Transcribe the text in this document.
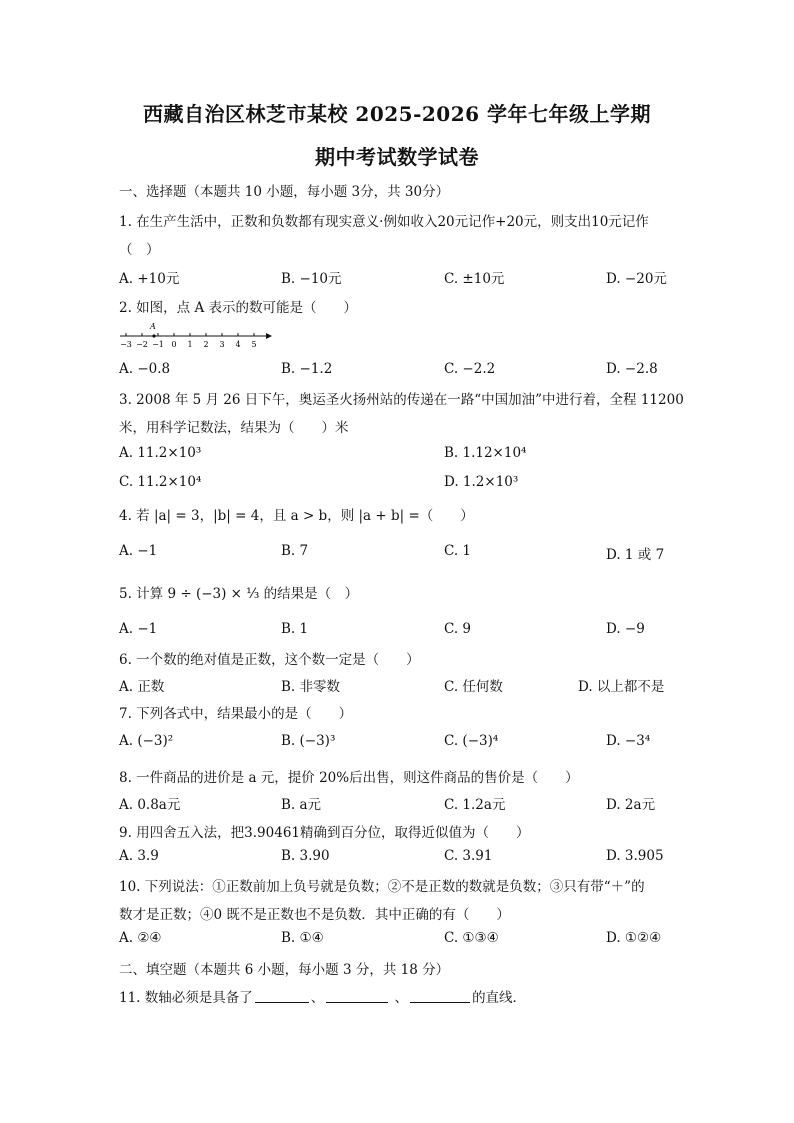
西藏自治区林芝市某校 2025-2026 学年七年级上学期
期中考试数学试卷
一、选择题（本题共 10 小题，每小题 3分，共 30分）
1. 在生产生活中，正数和负数都有现实意义·例如收入20元记作+20元，则支出10元记作
（　）
A. +10元	B. −10元	C. ±10元	D. −20元
2. 如图，点 A 表示的数可能是（　　）
−3 −2 −1 0 1 2 3 4 5
A
A. −0.8	B. −1.2	C. −2.2	D. −2.8
3. 2008 年 5 月 26 日下午，奥运圣火扬州站的传递在一路“中国加油”中进行着，全程 11200
米，用科学记数法，结果为（　　）米
A. 11.2×10³	B. 1.12×10⁴
C. 11.2×10⁴	D. 1.2×10³
4. 若 |a| = 3，|b| = 4，且 a > b，则 |a + b| =（　　）
A. −1	B. 7	C. 1	D. 1 或 7
5. 计算 9 ÷ (−3) × ⅓ 的结果是（　）
A. −1	B. 1	C. 9	D. −9
6. 一个数的绝对值是正数，这个数一定是（　　）
A. 正数	B. 非零数	C. 任何数	D. 以上都不是
7. 下列各式中，结果最小的是（　　）
A. (−3)²	B. (−3)³	C. (−3)⁴	D. −3⁴
8. 一件商品的进价是 a 元，提价 20%后出售，则这件商品的售价是（　　）
A. 0.8a元	B. a元	C. 1.2a元	D. 2a元
9. 用四舍五入法，把3.90461精确到百分位，取得近似值为（　　）
A. 3.9	B. 3.90	C. 3.91	D. 3.905
10. 下列说法：①正数前加上负号就是负数；②不是正数的数就是负数；③只有带“＋”的
数才是正数；④0 既不是正数也不是负数．其中正确的有（　　）
A. ②④	B. ①④	C. ①③④	D. ①②④
二、填空题（本题共 6 小题，每小题 3 分，共 18 分）
11. 数轴必须是具备了	、	、	的直线．
